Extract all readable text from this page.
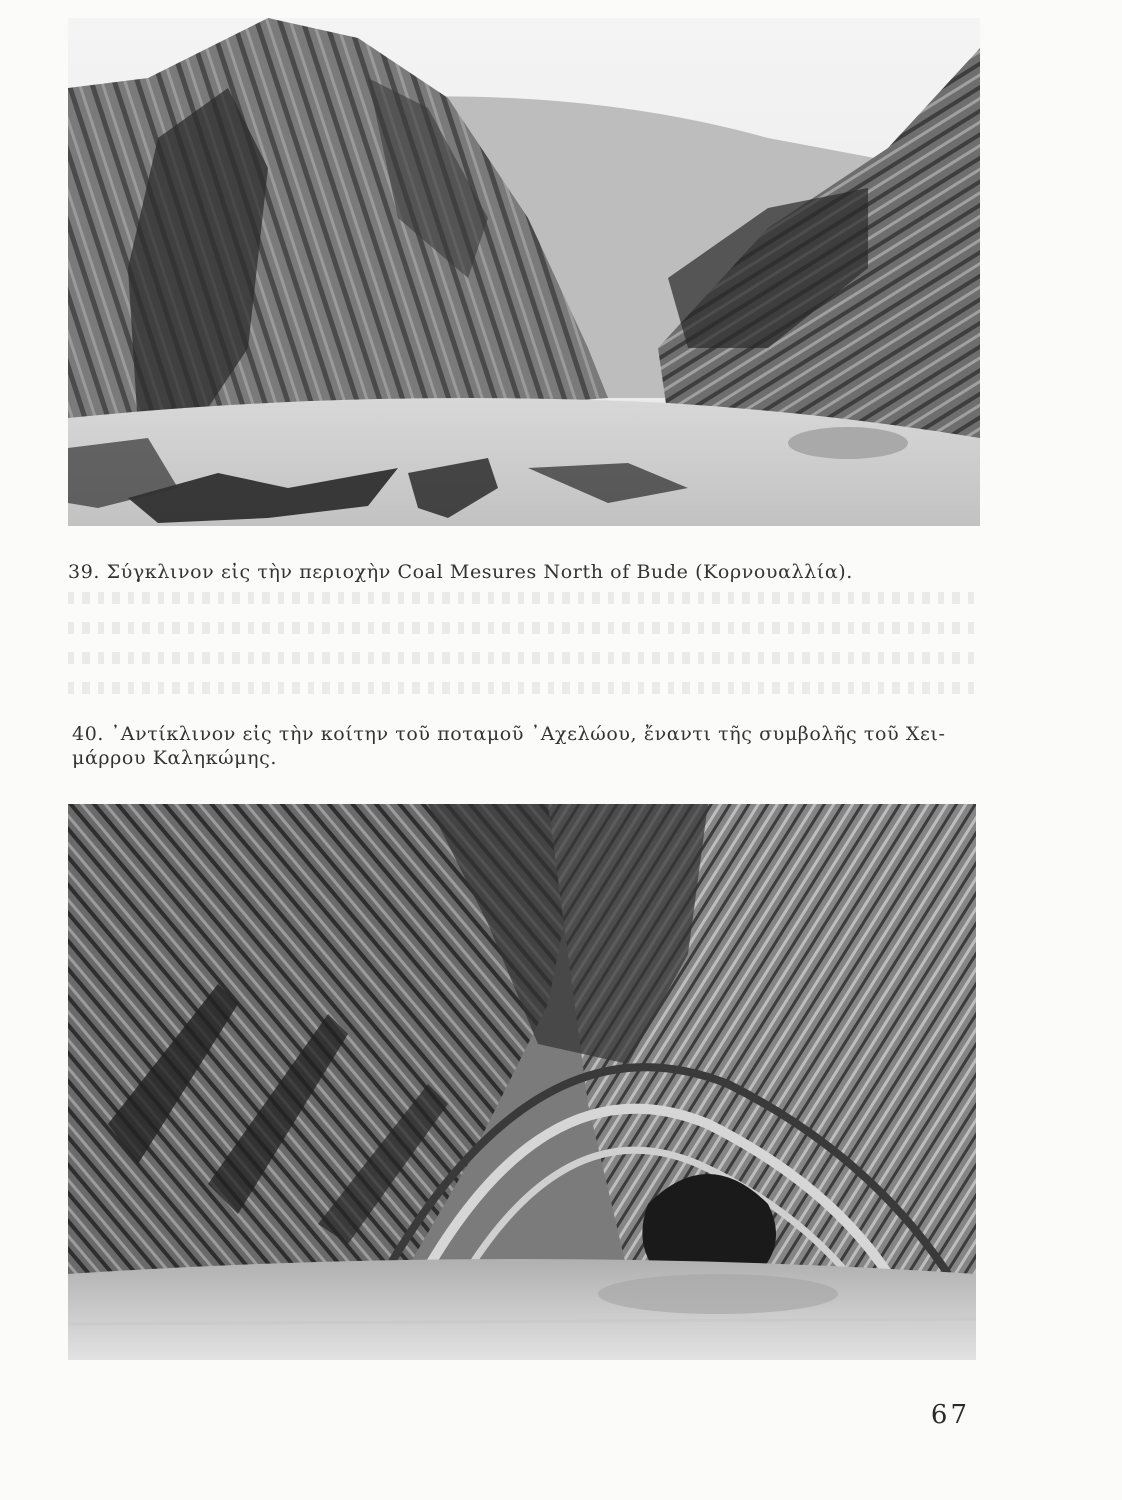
39. Σύγκλινον εἰς τὴν περιοχὴν Coal Mesures North of Bude (Κορνουαλλία).
40. ᾿Αντίκλινον εἰς τὴν κοίτην τοῦ ποταμοῦ ᾿Αχελώου, ἔναντι τῆς συμβολῆς τοῦ Χει-
μάρρου Καληκώμης.
67
